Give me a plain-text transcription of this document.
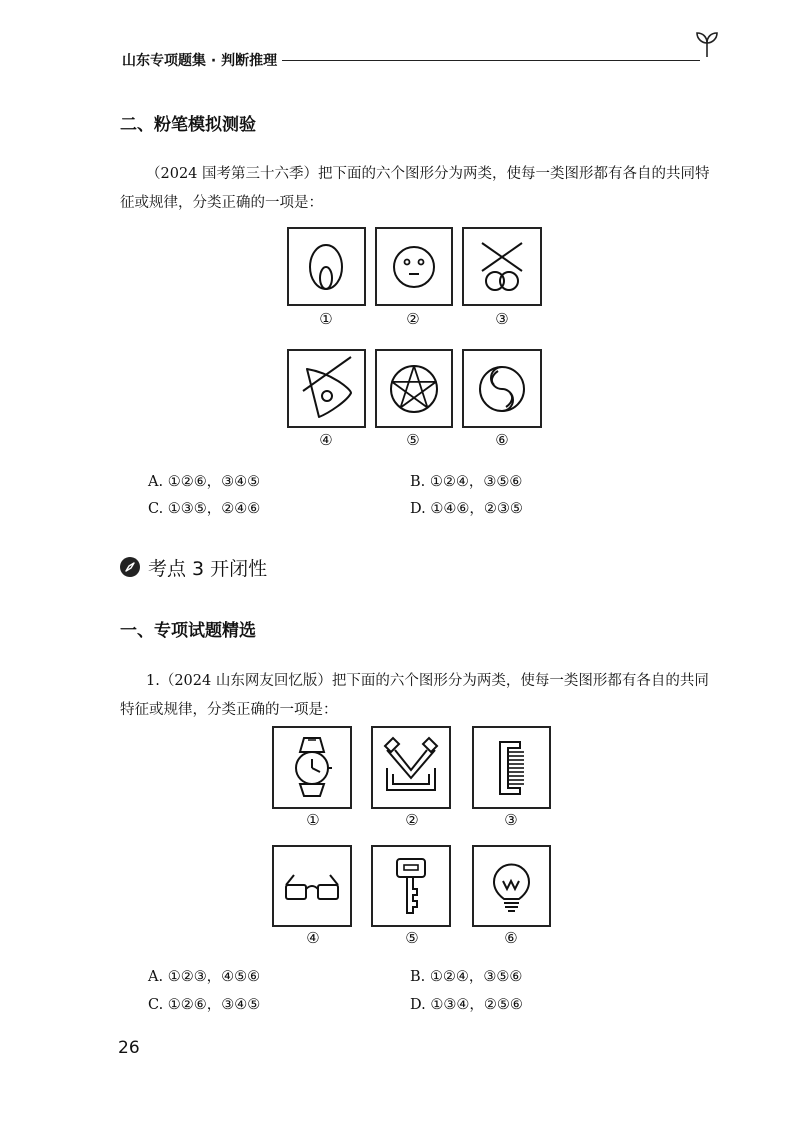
山东专项题集 · 判断推理
二、粉笔模拟测验
（2024 国考第三十六季）把下面的六个图形分为两类，使每一类图形都有各自的共同特征或规律，分类正确的一项是：
①	②	③
④	⑤	⑥
A. ①②⑥，③④⑤	B. ①②④，③⑤⑥
C. ①③⑤，②④⑥	D. ①④⑥，②③⑤
考点 3 开闭性
一、专项试题精选
1.（2024 山东网友回忆版）把下面的六个图形分为两类，使每一类图形都有各自的共同特征或规律，分类正确的一项是：
①	②	③
④	⑤	⑥
A. ①②③，④⑤⑥	B. ①②④，③⑤⑥
C. ①②⑥，③④⑤	D. ①③④，②⑤⑥
26
